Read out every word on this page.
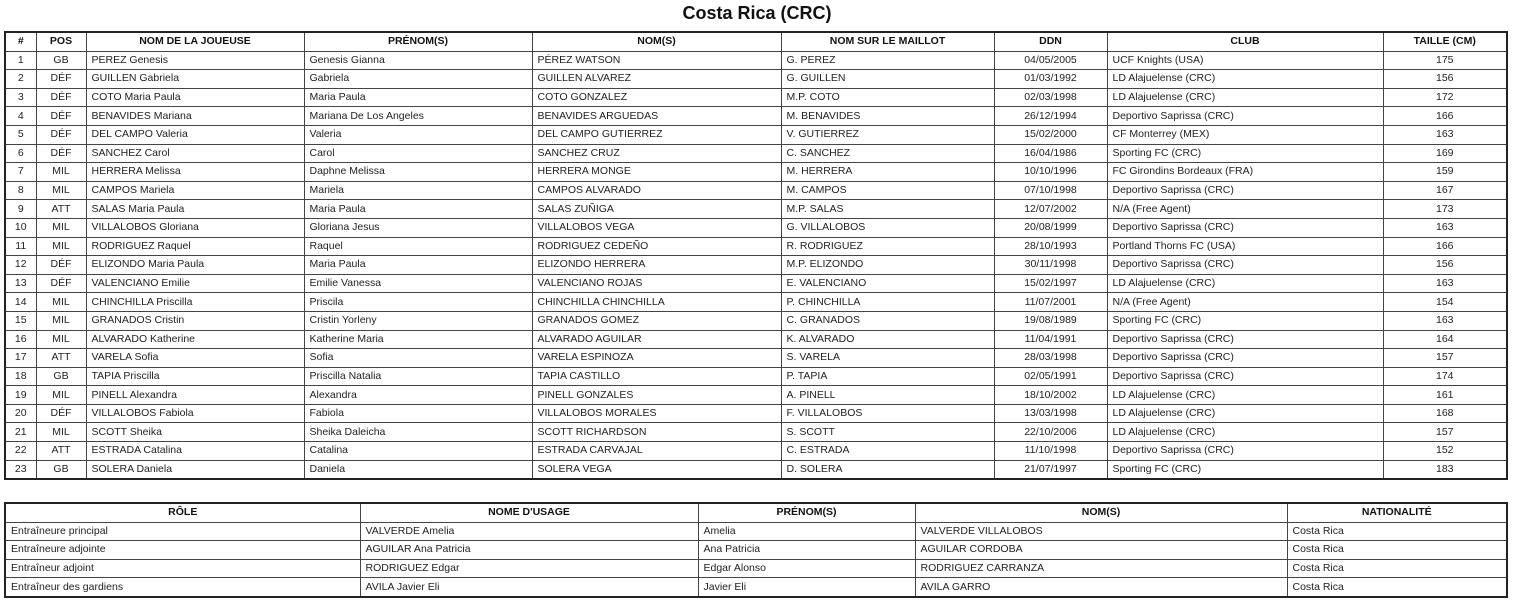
Costa Rica (CRC)
#	POS	NOM DE LA JOUEUSE	PRÉNOM(S)	NOM(S)	NOM SUR LE MAILLOT	DDN	CLUB	TAILLE (CM)
1	GB	PEREZ Genesis	Genesis Gianna	PÉREZ WATSON	G. PEREZ	04/05/2005	UCF Knights (USA)	175
2	DÉF	GUILLEN Gabriela	Gabriela	GUILLEN ALVAREZ	G. GUILLEN	01/03/1992	LD Alajuelense (CRC)	156
3	DÉF	COTO Maria Paula	Maria Paula	COTO GONZALEZ	M.P. COTO	02/03/1998	LD Alajuelense (CRC)	172
4	DÉF	BENAVIDES Mariana	Mariana De Los Angeles	BENAVIDES ARGUEDAS	M. BENAVIDES	26/12/1994	Deportivo Saprissa (CRC)	166
5	DÉF	DEL CAMPO Valeria	Valeria	DEL CAMPO GUTIERREZ	V. GUTIERREZ	15/02/2000	CF Monterrey (MEX)	163
6	DÉF	SANCHEZ Carol	Carol	SANCHEZ CRUZ	C. SANCHEZ	16/04/1986	Sporting FC (CRC)	169
7	MIL	HERRERA Melissa	Daphne Melissa	HERRERA MONGE	M. HERRERA	10/10/1996	FC Girondins Bordeaux (FRA)	159
8	MIL	CAMPOS Mariela	Mariela	CAMPOS ALVARADO	M. CAMPOS	07/10/1998	Deportivo Saprissa (CRC)	167
9	ATT	SALAS Maria Paula	Maria Paula	SALAS ZUÑIGA	M.P. SALAS	12/07/2002	N/A (Free Agent)	173
10	MIL	VILLALOBOS Gloriana	Gloriana Jesus	VILLALOBOS VEGA	G. VILLALOBOS	20/08/1999	Deportivo Saprissa (CRC)	163
11	MIL	RODRIGUEZ Raquel	Raquel	RODRIGUEZ CEDEÑO	R. RODRIGUEZ	28/10/1993	Portland Thorns FC (USA)	166
12	DÉF	ELIZONDO Maria Paula	Maria Paula	ELIZONDO HERRERA	M.P. ELIZONDO	30/11/1998	Deportivo Saprissa (CRC)	156
13	DÉF	VALENCIANO Emilie	Emilie Vanessa	VALENCIANO ROJAS	E. VALENCIANO	15/02/1997	LD Alajuelense (CRC)	163
14	MIL	CHINCHILLA Priscilla	Priscila	CHINCHILLA CHINCHILLA	P. CHINCHILLA	11/07/2001	N/A (Free Agent)	154
15	MIL	GRANADOS Cristin	Cristin Yorleny	GRANADOS GOMEZ	C. GRANADOS	19/08/1989	Sporting FC (CRC)	163
16	MIL	ALVARADO Katherine	Katherine Maria	ALVARADO AGUILAR	K. ALVARADO	11/04/1991	Deportivo Saprissa (CRC)	164
17	ATT	VARELA Sofia	Sofia	VARELA ESPINOZA	S. VARELA	28/03/1998	Deportivo Saprissa (CRC)	157
18	GB	TAPIA Priscilla	Priscilla Natalia	TAPIA CASTILLO	P. TAPIA	02/05/1991	Deportivo Saprissa (CRC)	174
19	MIL	PINELL Alexandra	Alexandra	PINELL GONZALES	A. PINELL	18/10/2002	LD Alajuelense (CRC)	161
20	DÉF	VILLALOBOS Fabiola	Fabiola	VILLALOBOS MORALES	F. VILLALOBOS	13/03/1998	LD Alajuelense (CRC)	168
21	MIL	SCOTT Sheika	Sheika Daleicha	SCOTT RICHARDSON	S. SCOTT	22/10/2006	LD Alajuelense (CRC)	157
22	ATT	ESTRADA Catalina	Catalina	ESTRADA CARVAJAL	C. ESTRADA	11/10/1998	Deportivo Saprissa (CRC)	152
23	GB	SOLERA Daniela	Daniela	SOLERA VEGA	D. SOLERA	21/07/1997	Sporting FC (CRC)	183
RÔLE	NOME D'USAGE	PRÉNOM(S)	NOM(S)	NATIONALITÉ
Entraîneure principal	VALVERDE Amelia	Amelia	VALVERDE VILLALOBOS	Costa Rica
Entraîneure adjointe	AGUILAR Ana Patricia	Ana Patricia	AGUILAR CORDOBA	Costa Rica
Entraîneur adjoint	RODRIGUEZ Edgar	Edgar Alonso	RODRIGUEZ CARRANZA	Costa Rica
Entraîneur des gardiens	AVILA Javier Eli	Javier Eli	AVILA GARRO	Costa Rica
